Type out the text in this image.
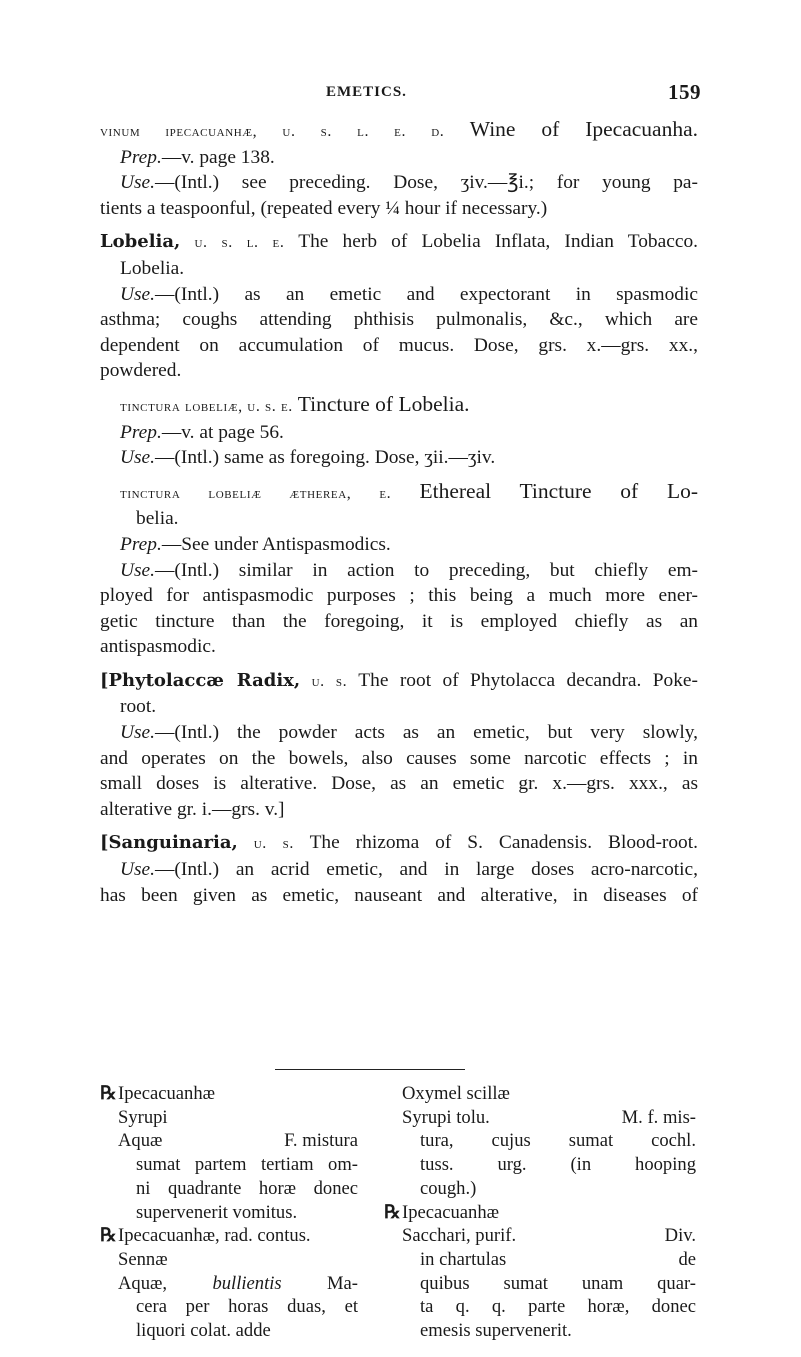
EMETICS.	159
vinum ipecacuanhæ, u. s. l. e. d. Wine of Ipecacuanha.
Prep.—v. page 138.
Use.—(Intl.) see preceding. Dose, ʒiv.—℥i.; for young pa-
tients a teaspoonful, (repeated every ¼ hour if necessary.)
Lobelia, u. s. l. e. The herb of Lobelia Inflata, Indian Tobacco.
Lobelia.
Use.—(Intl.) as an emetic and expectorant in spasmodic
asthma; coughs attending phthisis pulmonalis, &c., which are
dependent on accumulation of mucus. Dose, grs. x.—grs. xx.,
powdered.
tinctura lobeliæ, u. s. e. Tincture of Lobelia.
Prep.—v. at page 56.
Use.—(Intl.) same as foregoing. Dose, ʒii.—ʒiv.
tinctura lobeliæ ætherea, e. Ethereal Tincture of Lo-
belia.
Prep.—See under Antispasmodics.
Use.—(Intl.) similar in action to preceding, but chiefly em-
ployed for antispasmodic purposes ; this being a much more ener-
getic tincture than the foregoing, it is employed chiefly as an
antispasmodic.
[Phytolaccæ Radix, u. s. The root of Phytolacca decandra. Poke-
root.
Use.—(Intl.) the powder acts as an emetic, but very slowly,
and operates on the bowels, also causes some narcotic effects ; in
small doses is alterative. Dose, as an emetic gr. x.—grs. xxx., as
alterative gr. i.—grs. v.]
[Sanguinaria, u. s. The rhizoma of S. Canadensis. Blood-root.
Use.—(Intl.) an acrid emetic, and in large doses acro-narcotic,
has been given as emetic, nauseant and alterative, in diseases of
℞Ipecacuanhæ
Syrupi
Aquæ	F. mistura
sumat partem tertiam om-
ni quadrante horæ donec
supervenerit vomitus.
℞Ipecacuanhæ, rad. contus.
Sennæ
Aquæ, bullientis Ma-
cera per horas duas, et
liquori colat. adde
Oxymel scillæ
Syrupi tolu.	M. f. mis-
tura, cujus sumat cochl.
tuss. urg. (in hooping
cough.)
℞Ipecacuanhæ
Sacchari, purif.	Div.
in chartulas	de
quibus sumat unam quar-
ta q. q. parte horæ, donec
emesis supervenerit.
